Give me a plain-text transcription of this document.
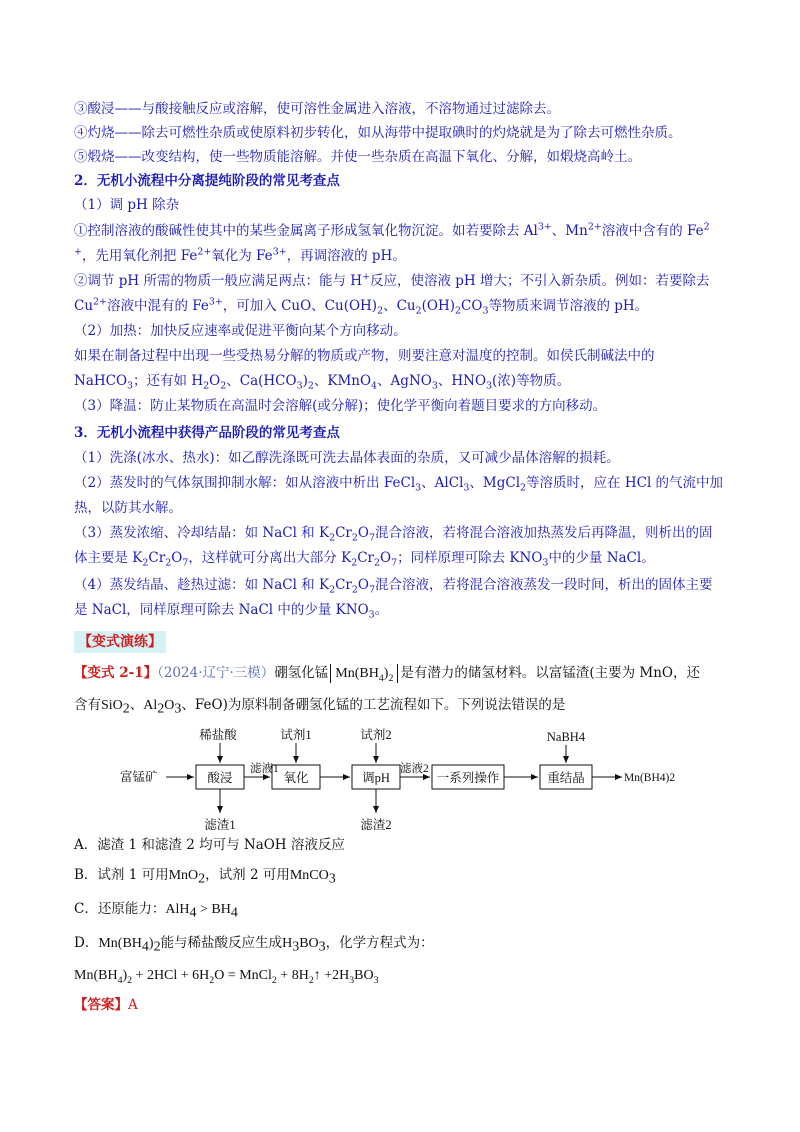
③酸浸——与酸接触反应或溶解，使可溶性金属进入溶液，不溶物通过过滤除去。
④灼烧——除去可燃性杂质或使原料初步转化，如从海带中提取碘时的灼烧就是为了除去可燃性杂质。
⑤煅烧——改变结构，使一些物质能溶解。并使一些杂质在高温下氧化、分解，如煅烧高岭土。
2．无机小流程中分离提纯阶段的常见考查点
（1）调 pH 除杂
①控制溶液的酸碱性使其中的某些金属离子形成氢氧化物沉淀。如若要除去 $Al^{3+}$、$Mn^{2+}$溶液中含有的 Fe$^2$
+，先用氧化剂把 $Fe^{2+}$氧化为 $Fe^{3+}$，再调溶液的 pH。
②调节 pH 所需的物质一般应满足两点：能与 H+反应，使溶液 pH 增大；不引入新杂质。例如：若要除去
$Cu^{2+}$溶液中混有的 $Fe^{3+}$，可加入 CuO、$Cu(OH)_2$、$Cu_2(OH)_2CO_3$等物质来调节溶液的 pH。
（2）加热：加快反应速率或促进平衡向某个方向移动。
如果在制备过程中出现一些受热易分解的物质或产物，则要注意对温度的控制。如侯氏制碱法中的
NaHCO$_3$；还有如 $H_2O_2$、$Ca(HCO_3)_2$、KMnO$_4$、AgNO$_3$、$HNO_3$(浓)等物质。
（3）降温：防止某物质在高温时会溶解(或分解)；使化学平衡向着题目要求的方向移动。
3．无机小流程中获得产品阶段的常见考查点
（1）洗涤(冰水、热水)：如乙醇洗涤既可洗去晶体表面的杂质，又可减少晶体溶解的损耗。
（2）蒸发时的气体氛围抑制水解：如从溶液中析出 FeCl$_3$、AlCl$_3$、MgCl$_2$等溶质时，应在 HCl 的气流中加
热，以防其水解。
（3）蒸发浓缩、冷却结晶：如 NaCl 和 $K_2Cr_2O_7$混合溶液，若将混合溶液加热蒸发后再降温，则析出的固
体主要是 $K_2Cr_2O_7$，这样就可分离出大部分 $K_2Cr_2O_7$；同样原理可除去 $KNO_3$中的少量 NaCl。
（4）蒸发结晶、趁热过滤：如 NaCl 和 $K_2Cr_2O_7$混合溶液，若将混合溶液蒸发一段时间，析出的固体主要
是 NaCl，同样原理可除去 NaCl 中的少量 $KNO_3$。
【变式演练】
【变式 2-1】（2024·辽宁·三模）硼氢化锰 $Mn(BH_4)_2$ 是有潜力的储氢材料。以富锰渣(主要为 MnO，还
含有SiO$_2$、$Al_2O_3$、FeO)为原料制备硼氢化锰的工艺流程如下。下列说法错误的是
富锰矿	酸浸
稀盐酸
滤液1
滤渣1
氧化
试剂1
调pH
试剂2
滤渣2
滤液2
一系列操作	重结晶
NaBH4
Mn(BH4)2
A．滤渣 1 和滤渣 2 均可与 NaOH 溶液反应
B．试剂 1 可用MnO$_2$，试剂 2 可用MnCO$_3$
C．还原能力：$AlH_4 > BH_4$
D．$Mn(BH_4)_2$能与稀盐酸反应生成$H_3BO_3$，化学方程式为：
$Mn(BH_4)_2 + 2HCl + 6H_2O$ = MnCl$_2$ + $8H_2↑ +2H_3BO_3$
【答案】A
